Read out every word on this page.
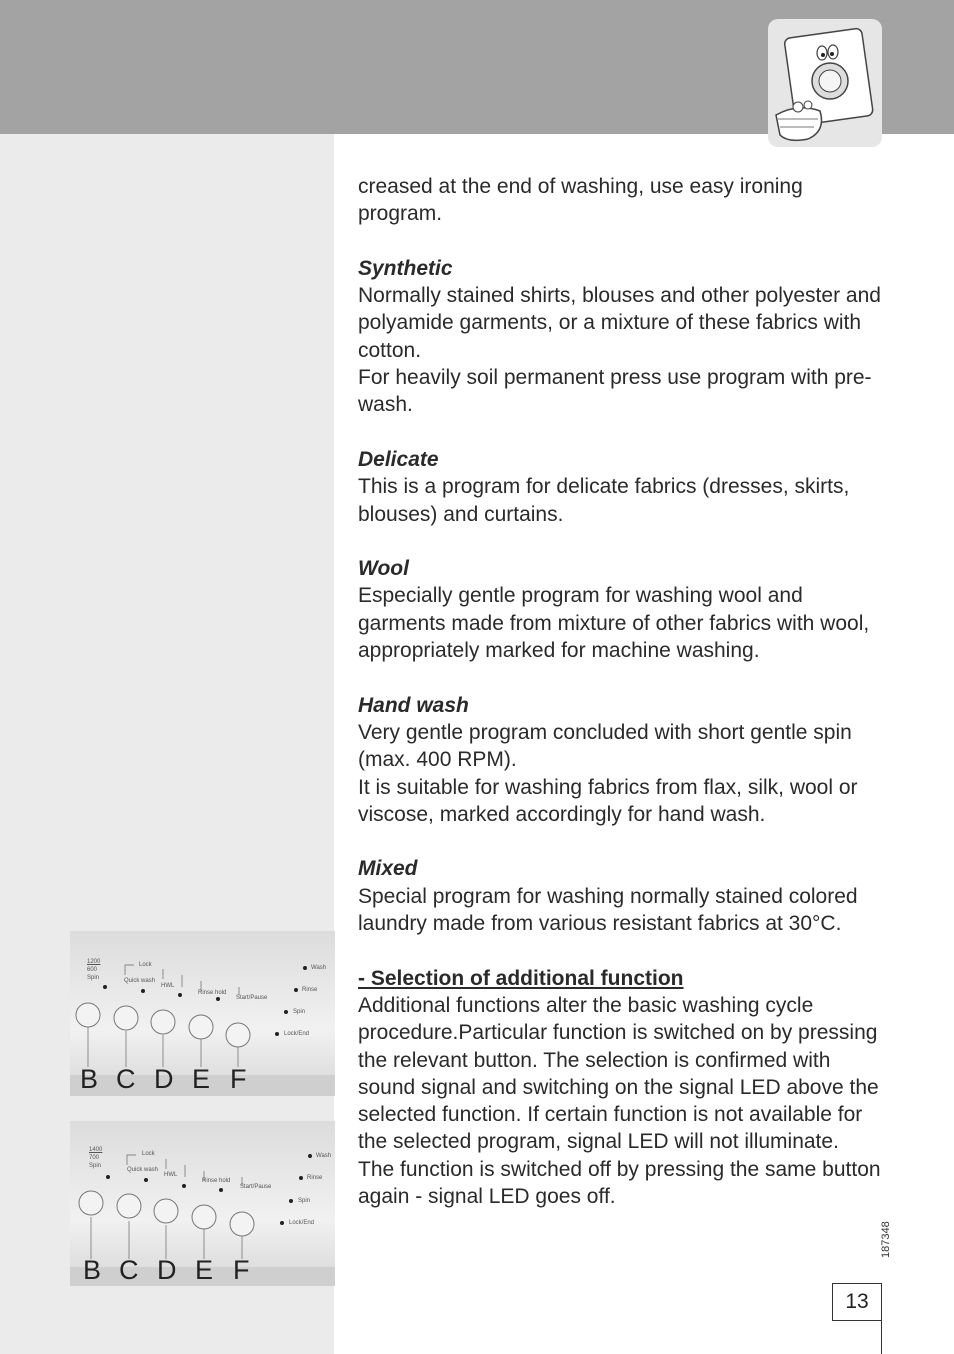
creased at the end of washing, use easy ironing program.

Synthetic

Normally stained shirts, blouses and other polyester and polyamide garments, or a mixture of these fabrics with cotton.

For heavily soil permanent press use program with pre-wash.

Delicate

This is a program for delicate fabrics (dresses, skirts, blouses) and curtains.

Wool

Especially gentle program for washing wool and garments made from mixture of other fabrics with wool, appropriately marked for machine washing.

Hand wash

Very gentle program concluded with short gentle spin (max. 400 RPM).

It is suitable for washing fabrics from flax, silk, wool or viscose, marked accordingly for hand wash.

Mixed

Special program for washing normally stained colored laundry made from various resistant fabrics at 30°C.

- Selection of additional function

Additional functions alter the basic washing cycle procedure.Particular function is switched on by pressing the relevant button. The selection is confirmed with sound signal and switching on the signal LED above the selected function. If certain function is not available for the selected program, signal LED will not illuminate.

The function is switched off by pressing the same button again - signal LED goes off.

1200
600
Spin
Lock
Quick wash
HWL
Rinse hold
Start/Pause
Wash
Rinse
Spin
Lock/End
B C D E F
1400
700
Spin
Lock
Quick wash
HWL
Rinse hold
Start/Pause
Wash
Rinse
Spin
Lock/End
B C D E F
187348
13
